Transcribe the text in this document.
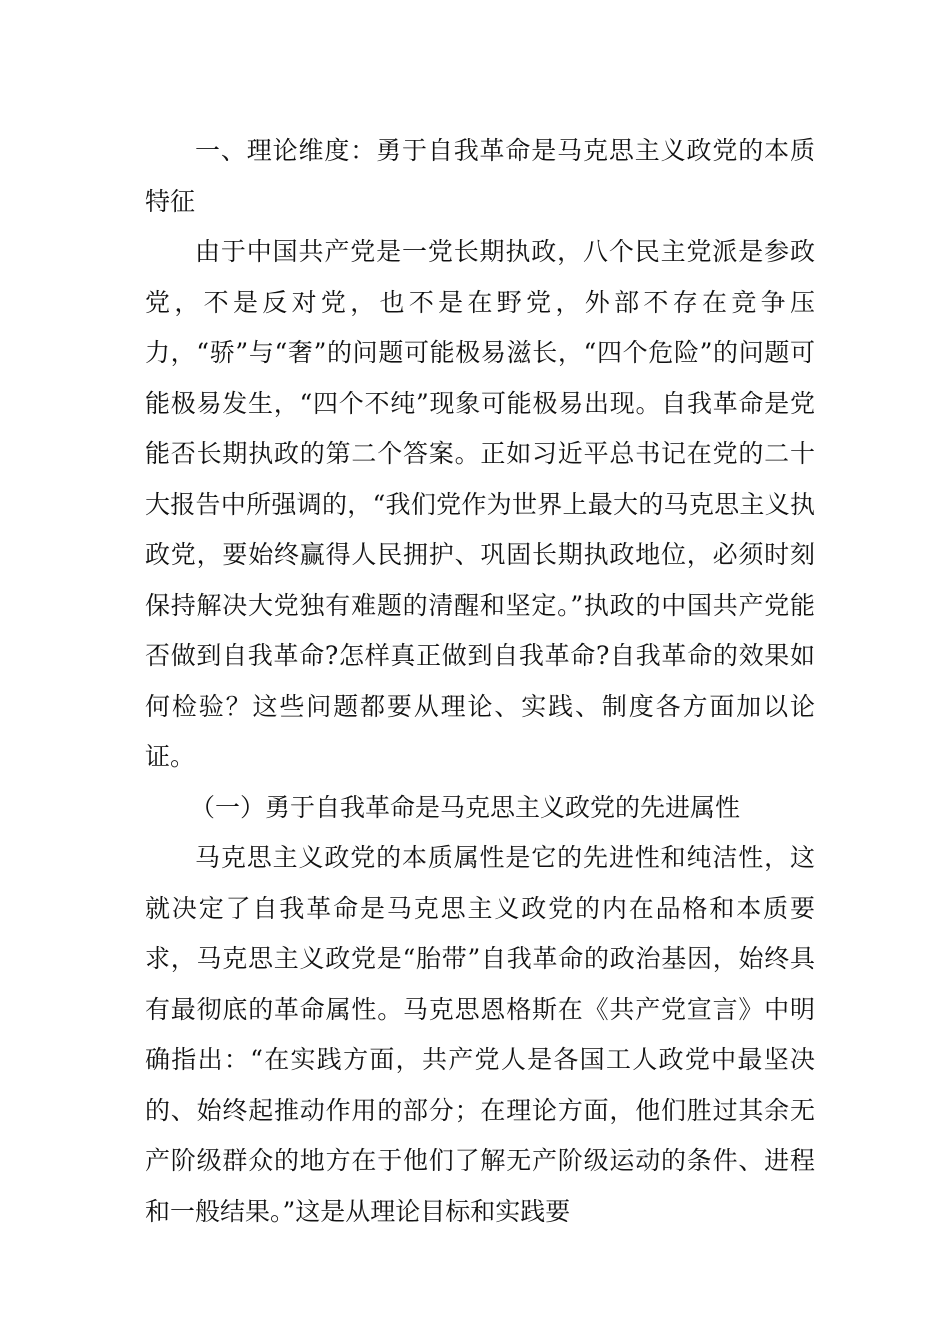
一、理论维度：勇于自我革命是马克思主义政党的本质特征

由于中国共产党是一党长期执政，八个民主党派是参政党，不是反对党，也不是在野党，外部不存在竞争压力，“骄”与“奢”的问题可能极易滋长，“四个危险”的问题可能极易发生，“四个不纯”现象可能极易出现。自我革命是党能否长期执政的第二个答案。正如习近平总书记在党的二十大报告中所强调的，“我们党作为世界上最大的马克思主义执政党，要始终赢得人民拥护、巩固长期执政地位，必须时刻保持解决大党独有难题的清醒和坚定。”执政的中国共产党能否做到自我革命?怎样真正做到自我革命?自我革命的效果如何检验？这些问题都要从理论、实践、制度各方面加以论证。

（一）勇于自我革命是马克思主义政党的先进属性

马克思主义政党的本质属性是它的先进性和纯洁性，这就决定了自我革命是马克思主义政党的内在品格和本质要求，马克思主义政党是“胎带”自我革命的政治基因，始终具有最彻底的革命属性。马克思恩格斯在《共产党宣言》中明确指出：“在实践方面，共产党人是各国工人政党中最坚决的、始终起推动作用的部分；在理论方面，他们胜过其余无产阶级群众的地方在于他们了解无产阶级运动的条件、进程和一般结果。”这是从理论目标和实践要
